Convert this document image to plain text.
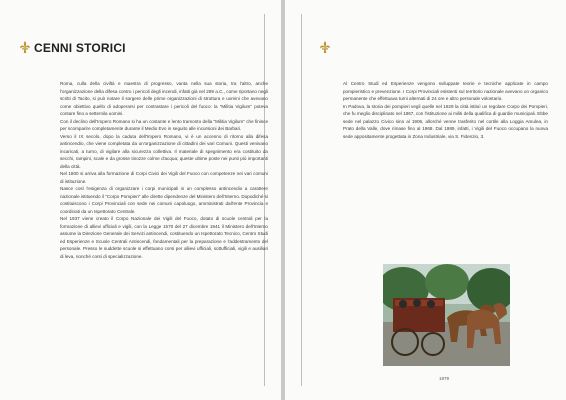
CENNI STORICI

Roma, culla della civiltà e maestra di progresso, vanta nella sua storia, tra l'altro, anche l'organizzazione della difesa contro i pericoli degli incendi, infatti già nel 289 a.C., come riportano negli scritti di Tacito, si può notare il sorgere delle prime organizzazioni di struttura e uomini che avevano come obiettivo quello di adoperarsi per contrastare i pericoli del fuoco: la "Militia Vigilum" poteva contare fino a settemila uomini.

Con il declino dell'Impero Romano si ha un costante e lento tramonto della "Militia Vigilum" che finisce per scomparire completamente durante il Medio Evo in seguito alle incursioni dei Barbari.

Verso il IX secolo, dopo la caduta dell'Impero Romano, vi è un accenno di ritorno alla difesa antincendio, che viene completata da un'organizzazione di cittadini dei vari Comuni. Questi venivano incaricati, a turno, di vigilare alla sicurezza collettiva. Il materiale di spegnimento era costituito da secchi, rampini, scale e da grosse tinozze colme d'acqua; queste ultime poste nei punti più importanti della città.

Nel 1800 si arriva alla formazione di Corpi Civici dei Vigili del Fuoco con competenze nei vari comuni di istituzione.

Nasce così l'esigenza di organizzare i corpi municipali in un complesso antincendio a carattere nazionale istituendo il "Corpo Pompieri" alle dirette dipendenze del Ministero dell'Interno. Dopodiché si costituiscono i Corpi Provinciali con sede nei comuni capoluogo, amministrati dall'ente Provincia e coordinati da un Ispettorato Centrale.

Nel 1937 viene creato il Corpo Nazionale dei Vigili del Fuoco, dotato di scuole centrali per la formazione di allievi ufficiali e vigili, con la Legge 1570 del 27 dicembre 1941 il Ministero dell'Interno assume la Direzione Generale dei Servizi antincendi, costituendo un Ispettorato Tecnico, Centro Studi ed Esperienze e Scuole Centrali Antincendi, fondamentali per la preparazione e l'addestramento del personale. Presso le suddette scuole si effettuano corsi per allievi ufficiali, sottufficiali, vigili e ausiliari di leva, nonché corsi di specializzazione.

Al Centro Studi ed Esperienze vengono sviluppate teorie e tecniche applicate in campo pompieristico e prevenzione. I Corpi Provinciali esistenti sul territorio nazionale avevano un organico permanente che effettuava turni alternati di 24 ore e altro personale volontario.

In Padova, la storia dei pompieri vegli quelle nel 1829 la città istituì un regolare Corpo dei Pompieri, che fu meglio disciplinato nel 1867, con l'istituzione ai militi della qualifica di guardie municipali. Ebbe sede nel palazzo Civico sino al 1906, allorché venne trasferito nel cortile alla Loggia Amulea, in Prato della Valle, dove rimase fino al 1968. Dal 1989, infatti, i Vigili del Fuoco occupano la nuova sede appositamente progettata in Zona Industriale, via S. Fidenzio, 3.

1979
